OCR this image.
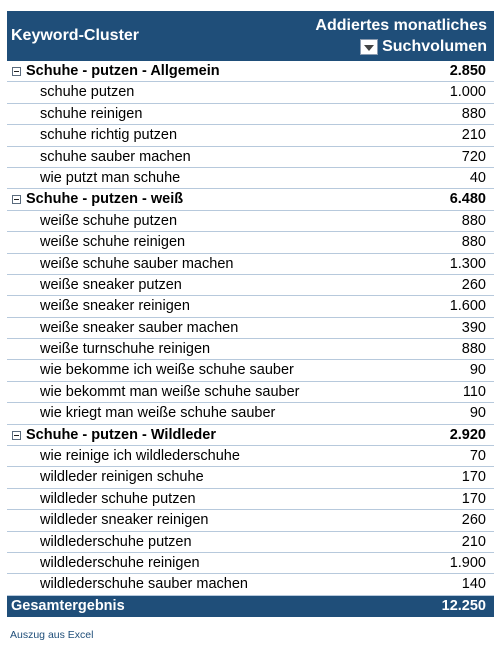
Keyword-Cluster
Addiertes monatliches
Suchvolumen
Schuhe - putzen - Allgemein	2.850
schuhe putzen	1.000
schuhe reinigen	880
schuhe richtig putzen	210
schuhe sauber machen	720
wie putzt man schuhe	40
Schuhe - putzen - weiß	6.480
weiße schuhe putzen	880
weiße schuhe reinigen	880
weiße schuhe sauber machen	1.300
weiße sneaker putzen	260
weiße sneaker reinigen	1.600
weiße sneaker sauber machen	390
weiße turnschuhe reinigen	880
wie bekomme ich weiße schuhe sauber	90
wie bekommt man weiße schuhe sauber	110
wie kriegt man weiße schuhe sauber	90
Schuhe - putzen - Wildleder	2.920
wie reinige ich wildlederschuhe	70
wildleder reinigen schuhe	170
wildleder schuhe putzen	170
wildleder sneaker reinigen	260
wildlederschuhe putzen	210
wildlederschuhe reinigen	1.900
wildlederschuhe sauber machen	140
Gesamtergebnis	12.250
Auszug aus Excel
